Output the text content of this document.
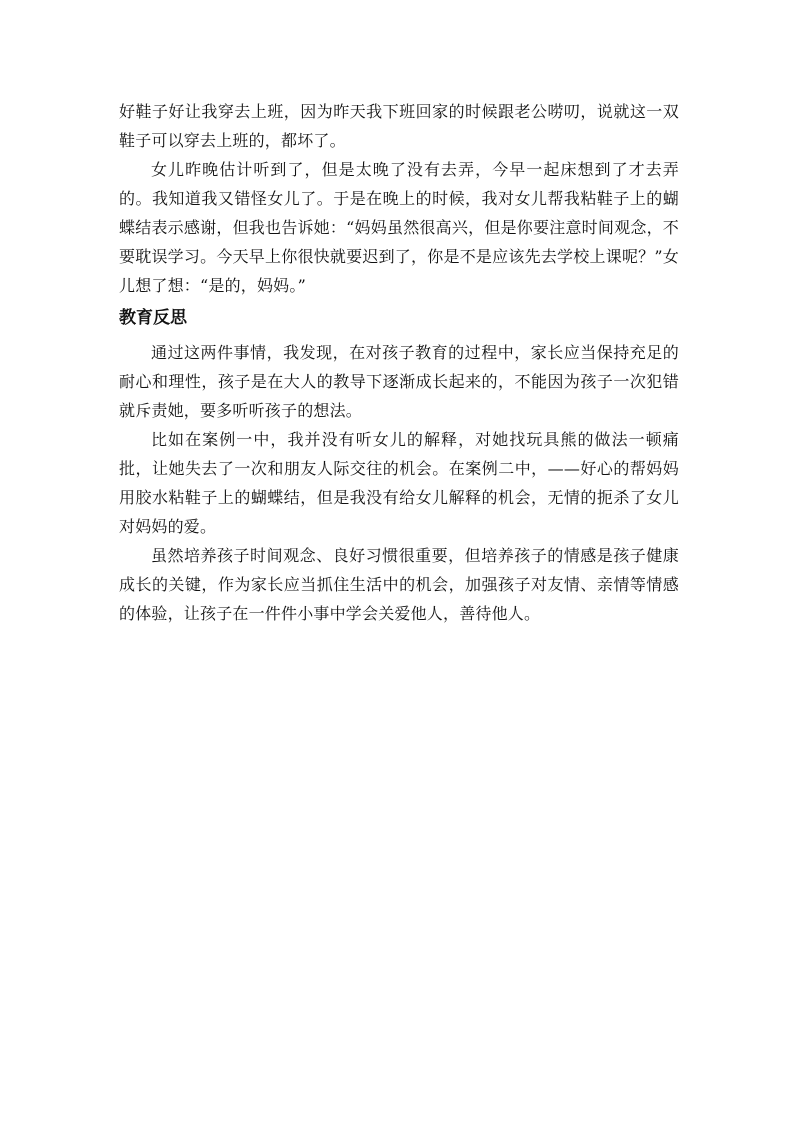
好鞋子好让我穿去上班，因为昨天我下班回家的时候跟老公唠叨，说就这一双鞋子可以穿去上班的，都坏了。

女儿昨晚估计听到了，但是太晚了没有去弄，今早一起床想到了才去弄的。我知道我又错怪女儿了。于是在晚上的时候，我对女儿帮我粘鞋子上的蝴蝶结表示感谢，但我也告诉她：“妈妈虽然很高兴，但是你要注意时间观念，不要耽误学习。今天早上你很快就要迟到了，你是不是应该先去学校上课呢？”女儿想了想：“是的，妈妈。”

教育反思

通过这两件事情，我发现，在对孩子教育的过程中，家长应当保持充足的耐心和理性，孩子是在大人的教导下逐渐成长起来的，不能因为孩子一次犯错就斥责她，要多听听孩子的想法。

比如在案例一中，我并没有听女儿的解释，对她找玩具熊的做法一顿痛批，让她失去了一次和朋友人际交往的机会。在案例二中，——好心的帮妈妈用胶水粘鞋子上的蝴蝶结，但是我没有给女儿解释的机会，无情的扼杀了女儿对妈妈的爱。

虽然培养孩子时间观念、良好习惯很重要，但培养孩子的情感是孩子健康成长的关键，作为家长应当抓住生活中的机会，加强孩子对友情、亲情等情感的体验，让孩子在一件件小事中学会关爱他人，善待他人。
